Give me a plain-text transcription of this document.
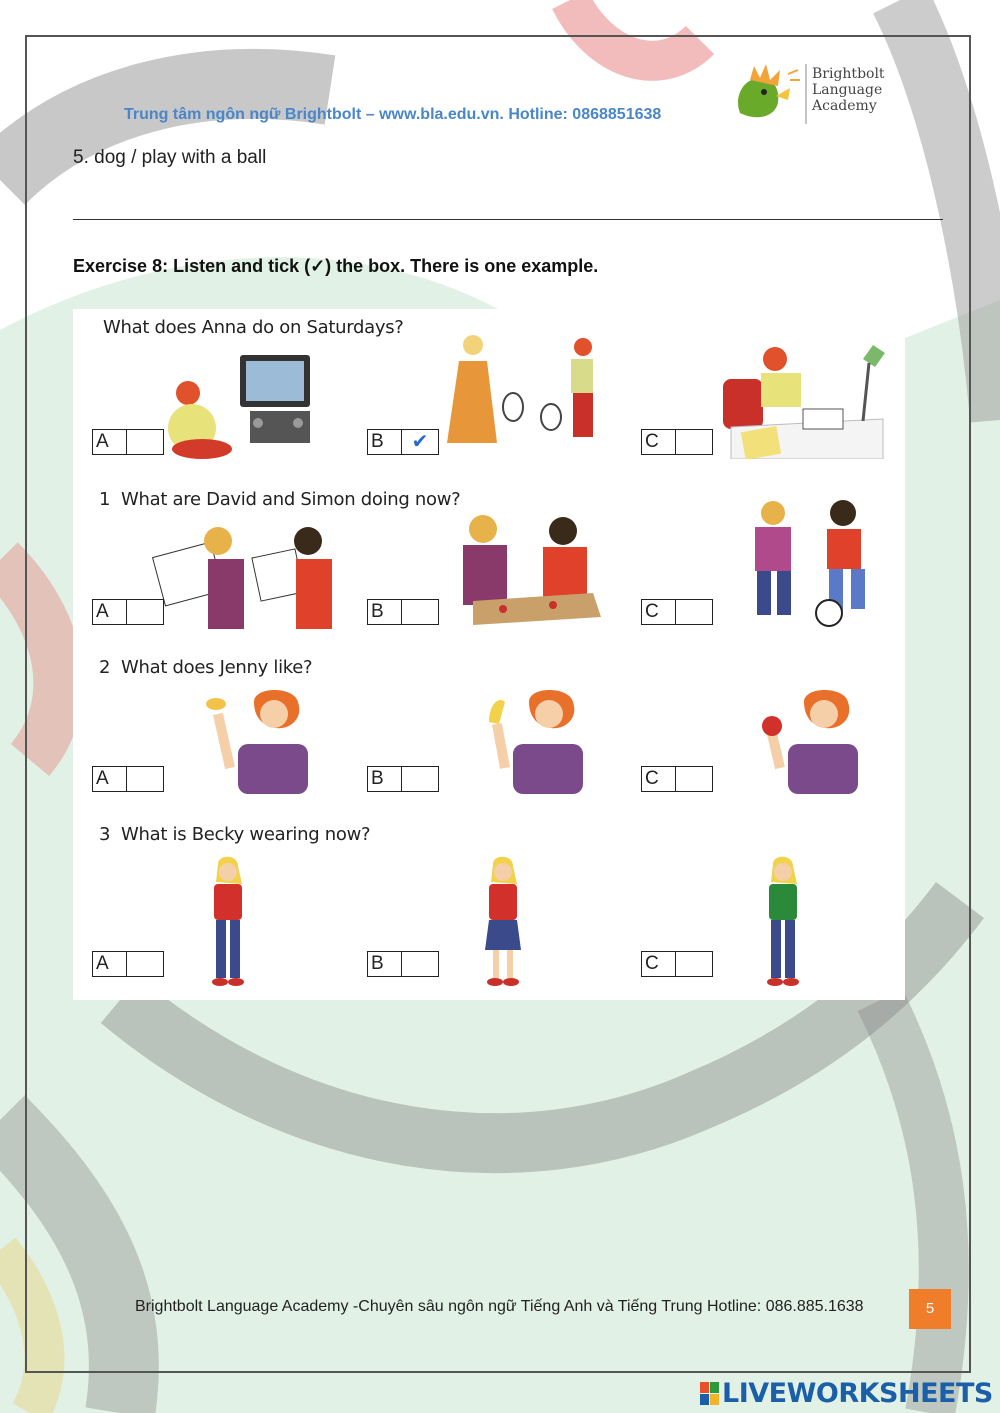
Trung tâm ngôn ngữ Brightbolt – www.bla.edu.vn. Hotline: 0868851638
Brightbolt
Language
Academy
5. dog / play with a ball
Exercise 8: Listen and tick (✓) the box. There is one example.
What does Anna do on Saturdays?
A	B	✔	C
1 What are David and Simon doing now?
A	B	C
2 What does Jenny like?
A	B	C
3 What is Becky wearing now?
A	B	C
Brightbolt Language Academy -Chuyên sâu ngôn ngữ Tiếng Anh và Tiếng Trung Hotline: 086.885.1638	5
LIVEWORKSHEETS
